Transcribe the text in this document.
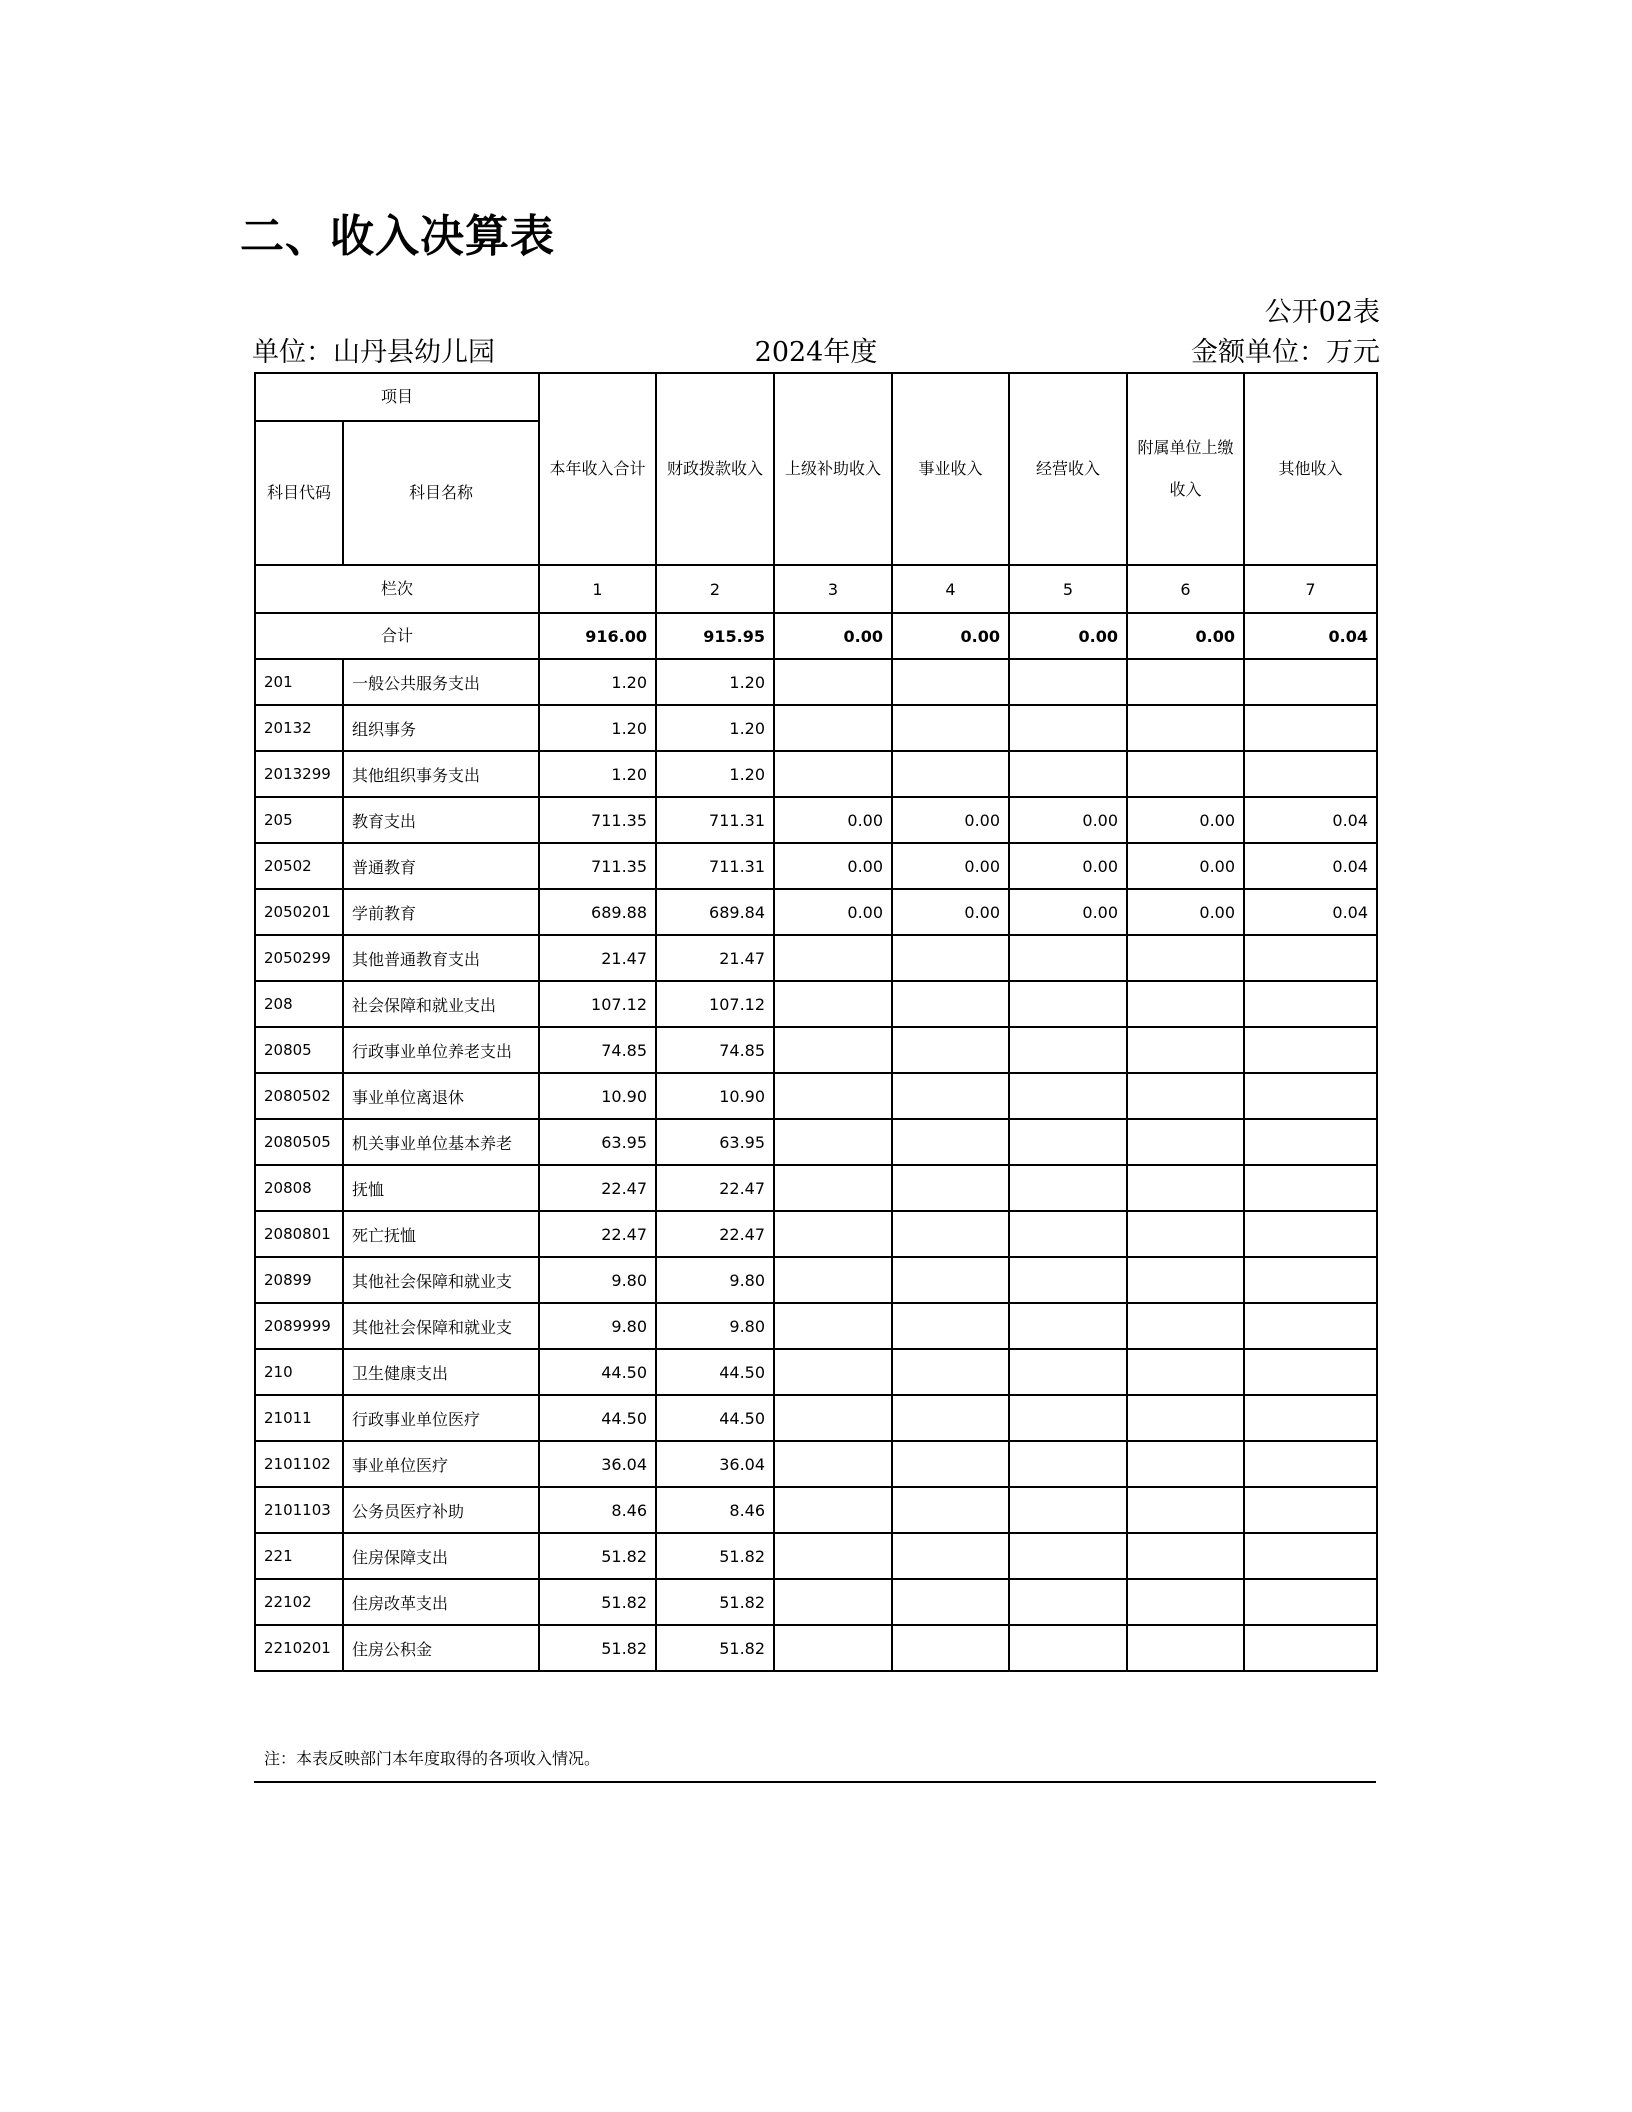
二、收入决算表
公开02表
单位：山丹县幼儿园	2024年度	金额单位：万元
项目		本年收入合计	财政拨款收入	上级补助收入	事业收入	经营收入	附属单位上缴收入	其他收入
科目代码	科目名称							
栏次		1	2	3	4	5	6	7
合计		916.00	915.95	0.00	0.00	0.00	0.00	0.04
201	一般公共服务支出	1.20	1.20					
20132	组织事务	1.20	1.20					
2013299	其他组织事务支出	1.20	1.20					
205	教育支出	711.35	711.31	0.00	0.00	0.00	0.00	0.04
20502	普通教育	711.35	711.31	0.00	0.00	0.00	0.00	0.04
2050201	学前教育	689.88	689.84	0.00	0.00	0.00	0.00	0.04
2050299	其他普通教育支出	21.47	21.47					
208	社会保障和就业支出	107.12	107.12					
20805	行政事业单位养老支出	74.85	74.85					
2080502	事业单位离退休	10.90	10.90					
2080505	机关事业单位基本养老	63.95	63.95					
20808	抚恤	22.47	22.47					
2080801	死亡抚恤	22.47	22.47					
20899	其他社会保障和就业支	9.80	9.80					
2089999	其他社会保障和就业支	9.80	9.80					
210	卫生健康支出	44.50	44.50					
21011	行政事业单位医疗	44.50	44.50					
2101102	事业单位医疗	36.04	36.04					
2101103	公务员医疗补助	8.46	8.46					
221	住房保障支出	51.82	51.82					
22102	住房改革支出	51.82	51.82					
2210201	住房公积金	51.82	51.82					
注：本表反映部门本年度取得的各项收入情况。
